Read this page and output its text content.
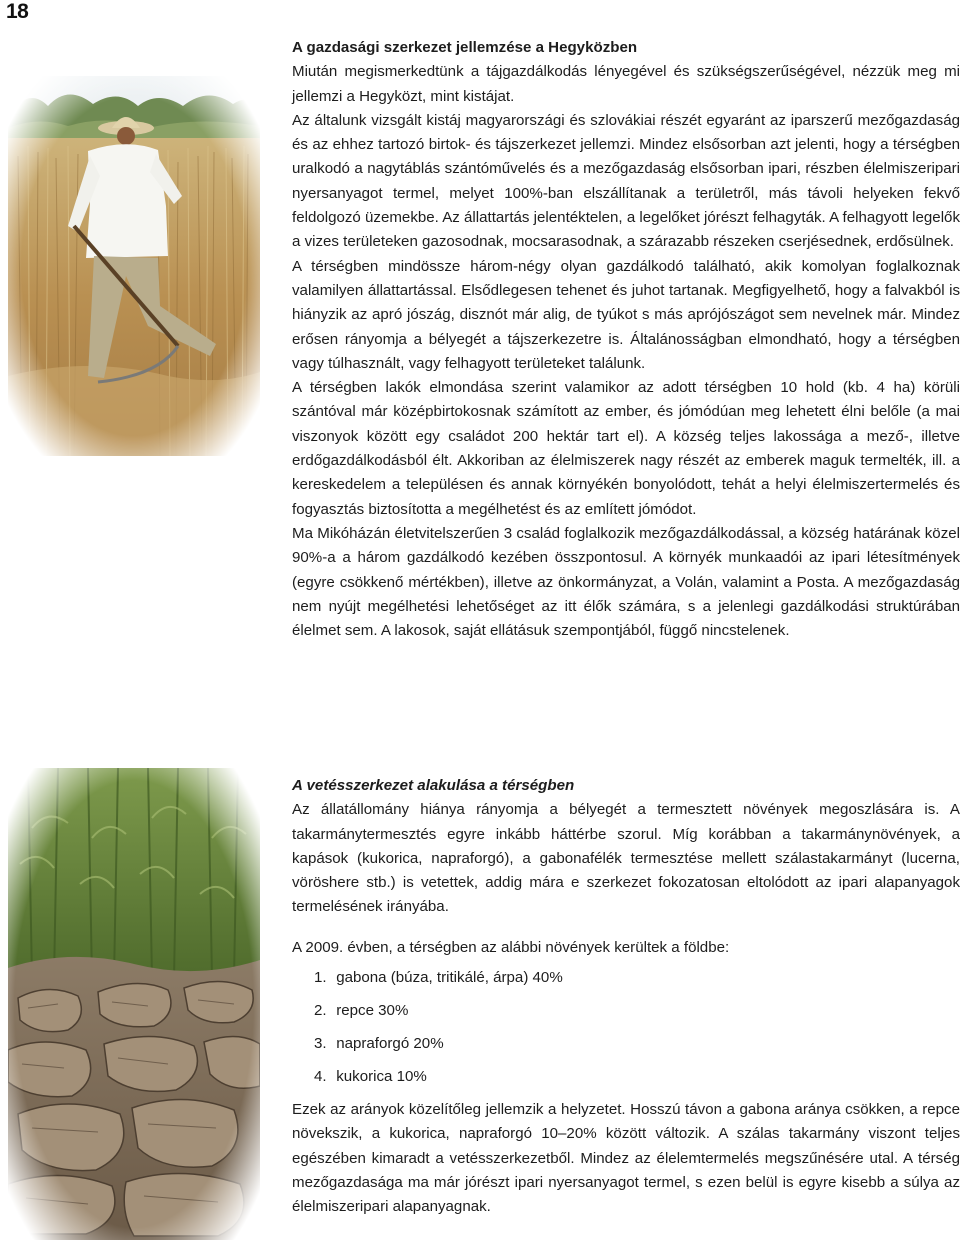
18

A gazdasági szerkezet jellemzése a Hegyközben

Miután megismerkedtünk a tájgazdálkodás lényegével és szükségszerűségével, nézzük meg mi jellemzi a Hegyközt, mint kistájat.

Az általunk vizsgált kistáj magyarországi és szlovákiai részét egyaránt az iparszerű mezőgazdaság és az ehhez tartozó birtok- és tájszerkezet jellemzi. Mindez elsősorban azt jelenti, hogy a térségben uralkodó a nagytáblás szántóművelés és a mezőgazdaság elsősorban ipari, részben élelmiszeripari nyersanyagot termel, melyet 100%-ban elszállítanak a területről, más távoli helyeken fekvő feldolgozó üzemekbe. Az állattartás jelentéktelen, a legelőket jórészt felhagyták. A felhagyott legelők a vizes területeken gazosodnak, mocsarasodnak, a szárazabb részeken cserjésednek, erdősülnek.

A térségben mindössze három-négy olyan gazdálkodó található, akik komolyan foglalkoznak valamilyen állattartással. Elsődlegesen tehenet és juhot tartanak. Megfigyelhető, hogy a falvakból is hiányzik az apró jószág, disznót már alig, de tyúkot s más aprójószágot sem nevelnek már. Mindez erősen rányomja a bélyegét a tájszerkezetre is. Általánosságban elmondható, hogy a térségben vagy túlhasznált, vagy felhagyott területeket találunk.

A térségben lakók elmondása szerint valamikor az adott térségben 10 hold (kb. 4 ha) körüli szántóval már középbirtokosnak számított az ember, és jómódúan meg lehetett élni belőle (a mai viszonyok között egy családot 200 hektár tart el). A község teljes lakossága a mező-, illetve erdőgazdálkodásból élt. Akkoriban az élelmiszerek nagy részét az emberek maguk termelték, ill. a kereskedelem a településen és annak környékén bonyolódott, tehát a helyi élelmiszertermelés és fogyasztás biztosította a megélhetést és az említett jómódot.

Ma Mikóházán életvitelszerűen 3 család foglalkozik mezőgazdálkodással, a község határának közel 90%-a a három gazdálkodó kezében összpontosul. A környék munkaadói az ipari létesítmények (egyre csökkenő mértékben), illetve az önkormányzat, a Volán, valamint a Posta. A mezőgazdaság nem nyújt megélhetési lehetőséget az itt élők számára, s a jelenlegi gazdálkodási struktúrában élelmet sem. A lakosok, saját ellátásuk szempontjából, függő nincstelenek.

A vetésszerkezet alakulása a térségben

Az állatállomány hiánya rányomja a bélyegét a termesztett növények megoszlására is. A takarmánytermesztés egyre inkább háttérbe szorul. Míg korábban a takarmánynövények, a kapások (kukorica, napraforgó), a gabonafélék termesztése mellett szálastakarmányt (lucerna, vöröshere stb.) is vetettek, addig mára e szerkezet fokozatosan eltolódott az ipari alapanyagok termelésének irányába.

A 2009. évben, a térségben az alábbi növények kerültek a földbe:

1. gabona (búza, tritikálé, árpa) 40%
2. repce 30%
3. napraforgó 20%
4. kukorica 10%

Ezek az arányok közelítőleg jellemzik a helyzetet. Hosszú távon a gabona aránya csökken, a repce növekszik, a kukorica, napraforgó 10–20% között változik. A szálas takarmány viszont teljes egészében kimaradt a vetésszerkezetből. Mindez az élelemtermelés megszűnésére utal. A térség mezőgazdasága ma már jórészt ipari nyersanyagot termel, s ezen belül is egyre kisebb a súlya az élelmiszeripari alapanyagnak.
